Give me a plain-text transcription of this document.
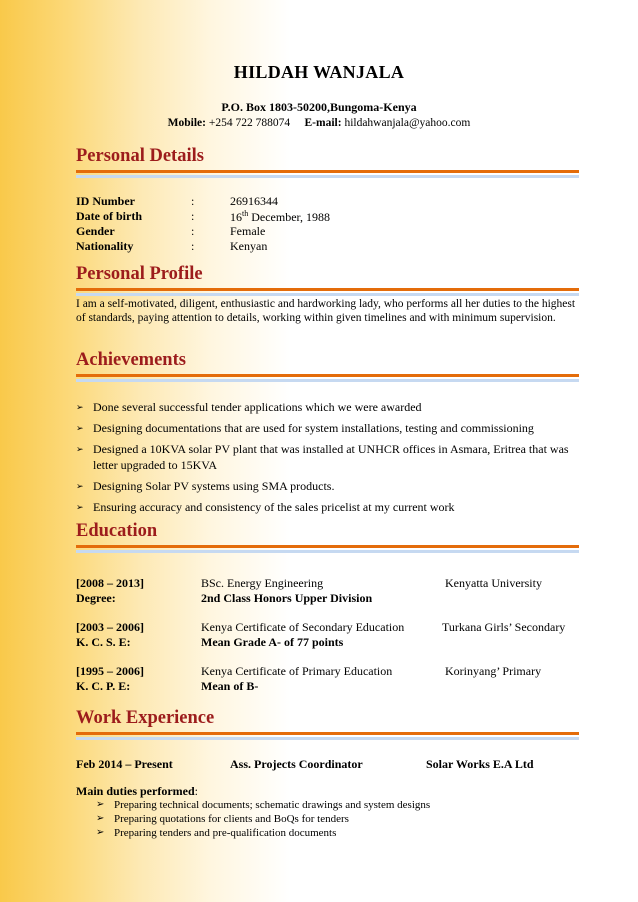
HILDAH WANJALA
P.O. Box 1803-50200,Bungoma-Kenya
Mobile: +254 722 788074 E-mail: hildahwanjala@yahoo.com
Personal Details
ID Number	:	26916344
Date of birth	:	16th December, 1988
Gender	:	Female
Nationality	:	Kenyan
Personal Profile
I am a self-motivated, diligent, enthusiastic and hardworking lady, who performs all her duties to the highest of standards, paying attention to details, working within given timelines and with minimum supervision.
Achievements
➢ Done several successful tender applications which we were awarded
➢ Designing documentations that are used for system installations, testing and commissioning
➢ Designed a 10KVA solar PV plant that was installed at UNHCR offices in Asmara, Eritrea that was letter upgraded to 15KVA
➢ Designing Solar PV systems using SMA products.
➢ Ensuring accuracy and consistency of the sales pricelist at my current work
Education
[2008 – 2013]	BSc. Energy Engineering	Kenyatta University
Degree:	2nd Class Honors Upper Division
[2003 – 2006]	Kenya Certificate of Secondary Education	Turkana Girls’ Secondary
K. C. S. E:	Mean Grade A- of 77 points
[1995 – 2006]	Kenya Certificate of Primary Education	Korinyang’ Primary
K. C. P. E:	Mean of B-
Work Experience
Feb 2014 – Present	Ass. Projects Coordinator	Solar Works E.A Ltd
Main duties performed:
➢ Preparing technical documents; schematic drawings and system designs
➢ Preparing quotations for clients and BoQs for tenders
➢ Preparing tenders and pre-qualification documents
